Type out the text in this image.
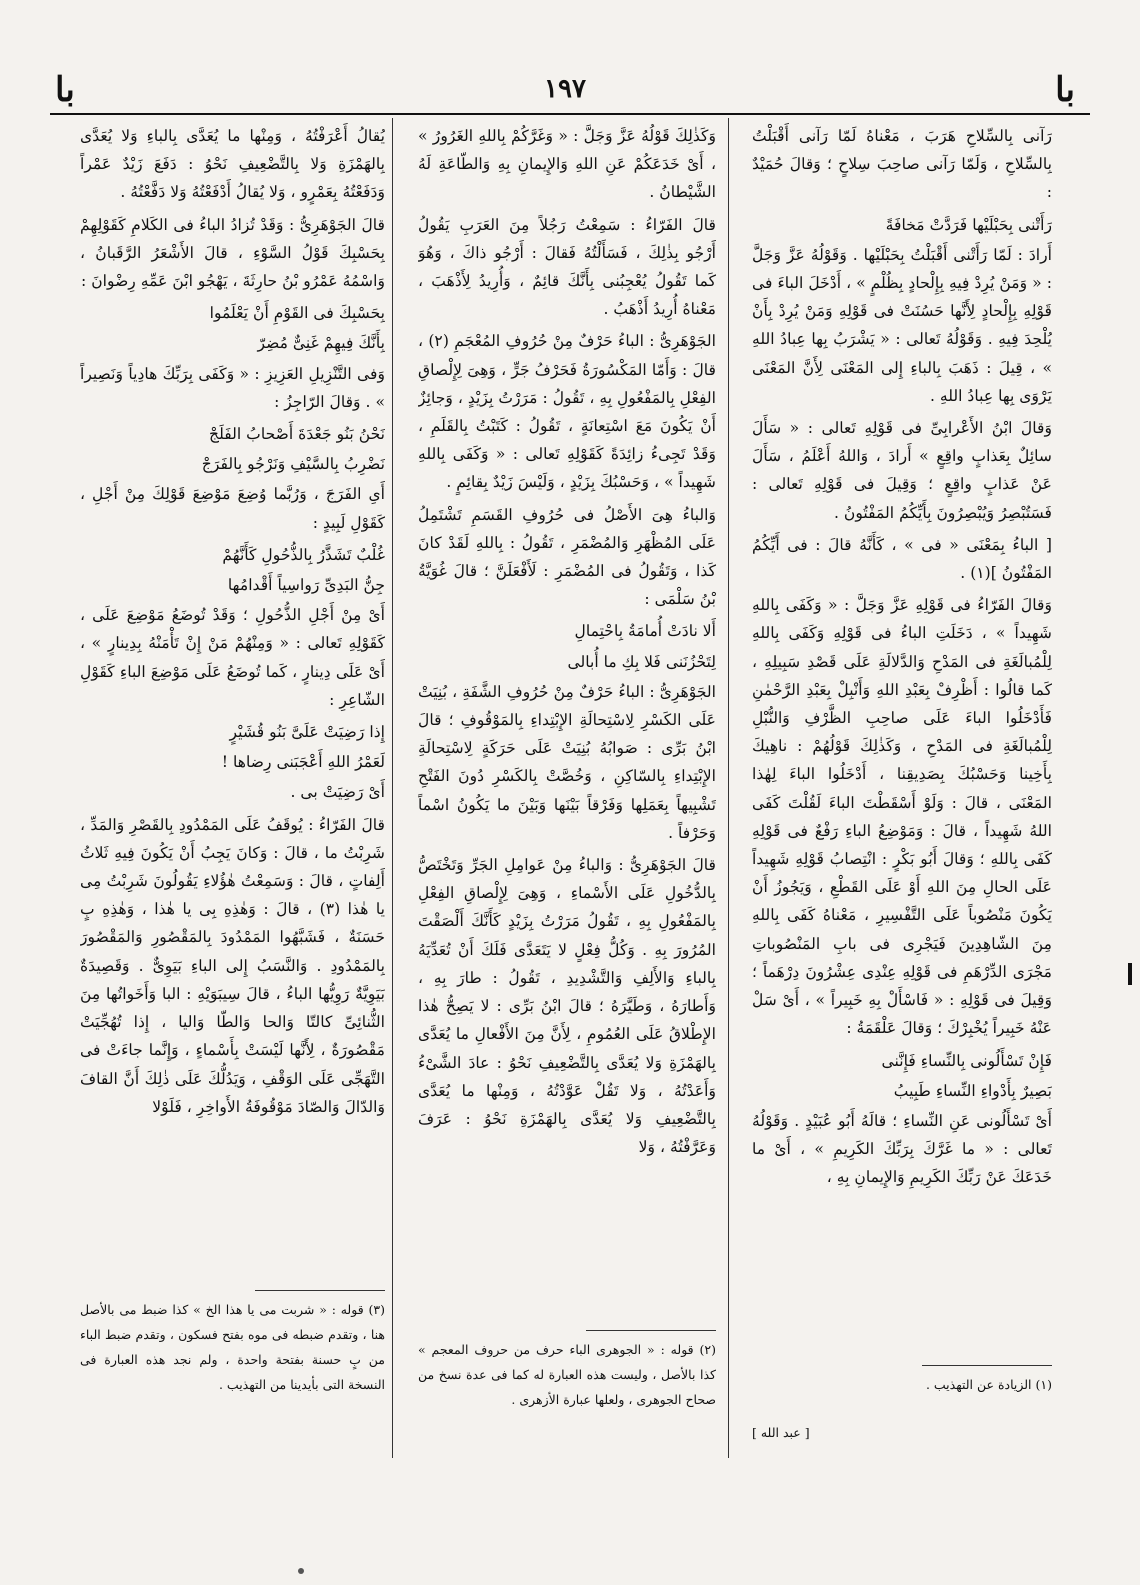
با
١٩٧
با

رَآنى بِالسِّلاحِ هَرَبَ ، مَعْناهُ لَمّا رَآنى أَقْبَلْتُ بِالسِّلاحِ ، وَلَمّا رَآنى صاحِبَ سِلاحٍ ؛ وَقالَ حُمَيْدٌ :

رَأَتْنى بِحَبْلَيْها فَرَدَّتْ مَخافَةً

أَرادَ : لَمّا رَأَتْنى أَقْبَلْتُ بِحَبْلَيْها . وَقَوْلُهُ عَزَّ وَجَلَّ : « وَمَنْ يُرِدْ فِيهِ بِإِلْحادٍ بِظُلْمٍ » ، أَدْخَلَ الباءَ فى قَوْلِهِ بِإِلْحادٍ لِأَنَّها حَسُنَتْ فى قَوْلِهِ وَمَنْ يُرِدْ بِأَنْ يُلْحِدَ فِيهِ . وَقَوْلُهُ تَعالى : « يَشْرَبُ بِها عِبادُ اللهِ » ، قِيلَ : ذَهَبَ بِالباءِ إِلى المَعْنَى لِأَنَّ المَعْنَى يَرْوَى بِها عِبادُ اللهِ .

وَقالَ ابْنُ الأَعْرابِىِّ فى قَوْلِهِ تَعالى : « سَأَلَ سائِلٌ بِعَذابٍ واقِعٍ » أَرادَ ، وَاللهُ أَعْلَمُ ، سَأَلَ عَنْ عَذابٍ واقِعٍ ؛ وَقِيلَ فى قَوْلِهِ تَعالى : فَسَتُبْصِرُ وَيُبْصِرُونَ بِأَيِّكُمُ المَفْتُونُ .

[ الباءُ بِمَعْنَى « فى » ، كَأَنَّهُ قالَ : فى أَيِّكُمُ المَفْتُونُ ](١) .

وَقالَ الفَرّاءُ فى قَوْلِهِ عَزَّ وَجَلَّ : « وَكَفَى بِاللهِ شَهِيداً » ، دَخَلَتِ الباءُ فى قَوْلِهِ وَكَفَى بِاللهِ لِلْمُبالَغَةِ فى المَدْحِ وَالدَّلالَةِ عَلَى قَصْدِ سَبِيلِهِ ، كَما قالُوا : أَظْرِفْ بِعَبْدِ اللهِ وَأَنْبِلْ بِعَبْدِ الرَّحْمٰنِ فَأَدْخَلُوا الباءَ عَلَى صاحِبِ الظَّرْفِ وَالنُّبْلِ لِلْمُبالَغَةِ فى المَدْحِ ، وَكَذٰلِكَ قَوْلُهُمْ : ناهِيكَ بِأَخِينا وَحَسْبُكَ بِصَدِيقِنا ، أَدْخَلُوا الباءَ لِهٰذا المَعْنَى ، قالَ : وَلَوْ أَسْقَطْتَ الباءَ لَقُلْتَ كَفَى اللهُ شَهِيداً ، قالَ : وَمَوْضِعُ الباءِ رَفْعٌ فى قَوْلِهِ كَفَى بِاللهِ ؛ وَقالَ أَبُو بَكْرٍ : انْتِصابُ قَوْلِهِ شَهِيداً عَلَى الحالِ مِنَ اللهِ أَوْ عَلَى القَطْعِ ، وَيَجُوزُ أَنْ يَكُونَ مَنْصُوباً عَلَى التَّفْسِيرِ ، مَعْناهُ كَفَى بِاللهِ مِنَ الشّاهِدِينَ فَيَجْرِى فى بابِ المَنْصُوباتِ مَجْرَى الدِّرْهَمِ فى قَوْلِهِ عِنْدِى عِشْرُونَ دِرْهَماً ؛ وَقِيلَ فى قَوْلِهِ : « فَاسْأَلْ بِهِ خَبِيراً » ، أَىْ سَلْ عَنْهُ خَبِيراً يُخْبِرْكَ ؛ وَقالَ عَلْقَمَةُ :

فَإِنْ تَسْأَلُونى بِالنِّساءِ فَإِنَّنى
بَصِيرٌ بِأَدْواءِ النِّساءِ طَبِيبُ

أَىْ تَسْأَلُونى عَنِ النِّساءِ ؛ قالَهُ أَبُو عُبَيْدٍ . وَقَوْلُهُ تَعالى : « ما غَرَّكَ بِرَبِّكَ الكَرِيمِ » ، أَىْ ما خَدَعَكَ عَنْ رَبِّكَ الكَرِيمِ وَالإِيمانِ بِهِ ،

وَكَذٰلِكَ قَوْلُهُ عَزَّ وَجَلَّ : « وَغَرَّكُمْ بِاللهِ الغَرُورُ » ، أَىْ خَدَعَكُمْ عَنِ اللهِ وَالإِيمانِ بِهِ وَالطّاعَةِ لَهُ الشَّيْطانُ .

قالَ الفَرّاءُ : سَمِعْتُ رَجُلاً مِنَ العَرَبِ يَقُولُ أَرْجُو بِذٰلِكَ ، فَسَأَلْتُهُ فَقالَ : أَرْجُو ذاكَ ، وَهُوَ كَما تَقُولُ يُعْجِبُنى بِأَنَّكَ قائِمٌ ، وَأُرِيدُ لِأَذْهَبَ ، مَعْناهُ أُرِيدُ أَذْهَبُ .

الجَوْهَرِىُّ : الباءُ حَرْفٌ مِنْ حُرُوفِ المُعْجَمِ (٢) ، قالَ : وَأَمّا المَكْسُورَةُ فَحَرْفُ جَرٍّ ، وَهِىَ لِإِلْصاقِ الفِعْلِ بِالمَفْعُولِ بِهِ ، تَقُولُ : مَرَرْتُ بِزَيْدٍ ، وَجائِزٌ أَنْ يَكُونَ مَعَ اسْتِعانَةٍ ، تَقُولُ : كَتَبْتُ بِالقَلَمِ ، وَقَدْ تَجِىءُ زائِدَةً كَقَوْلِهِ تَعالى : « وَكَفَى بِاللهِ شَهِيداً » ، وَحَسْبُكَ بِزَيْدٍ ، وَلَيْسَ زَيْدٌ بِقائِمٍ .

وَالباءُ هِىَ الأَصْلُ فى حُرُوفِ القَسَمِ تَشْتَمِلُ عَلَى المُظْهَرِ وَالمُضْمَرِ ، تَقُولُ : بِاللهِ لَقَدْ كانَ كَذا ، وَتَقُولُ فى المُضْمَرِ : لَأَفْعَلَنَّ ؛ قالَ غُوَيَّةُ بْنُ سَلْمَى :

أَلا نادَتْ أُمامَةُ بِاحْتِمالِ
لِتَحْزُنَنى فَلا بِكِ ما أُبالى

الجَوْهَرِىُّ : الباءُ حَرْفٌ مِنْ حُرُوفِ الشَّفَةِ ، بُنِيَتْ عَلَى الكَسْرِ لِاسْتِحالَةِ الإِبْتِداءِ بِالمَوْقُوفِ ؛ قالَ ابْنُ بَرِّى : صَوابُهُ بُنِيَتْ عَلَى حَرَكَةٍ لِاسْتِحالَةِ الإِبْتِداءِ بِالسّاكِنِ ، وَخُصَّتْ بِالكَسْرِ دُونَ الفَتْحِ تَشْبِيهاً بِعَمَلِها وَفَرْقاً بَيْنَها وَبَيْنَ ما يَكُونُ اسْماً وَحَرْفاً .

قالَ الجَوْهَرِىُّ : وَالباءُ مِنْ عَوامِلِ الجَرِّ وَتَخْتَصُّ بِالدُّخُولِ عَلَى الأَسْماءِ ، وَهِىَ لِإِلْصاقِ الفِعْلِ بِالمَفْعُولِ بِهِ ، تَقُولُ مَرَرْتُ بِزَيْدٍ كَأَنَّكَ أَلْصَقْتَ المُرُورَ بِهِ . وَكُلُّ فِعْلٍ لا يَتَعَدَّى فَلَكَ أَنْ تُعَدِّيَهُ بِالباءِ وَالأَلِفِ وَالتَّشْدِيدِ ، تَقُولُ : طارَ بِهِ ، وَأَطارَهُ ، وَطَيَّرَهُ ؛ قالَ ابْنُ بَرِّى : لا يَصِحُّ هٰذا الإِطْلاقُ عَلَى العُمُومِ ، لِأَنَّ مِنَ الأَفْعالِ ما يُعَدَّى بِالهَمْزَةِ وَلا يُعَدَّى بِالتَّضْعِيفِ نَحْوُ : عادَ الشَّىْءُ وَأَعَدْتُهُ ، وَلا تَقُلْ عَوَّدْتُهُ ، وَمِنْها ما يُعَدَّى بِالتَّضْعِيفِ وَلا يُعَدَّى بِالهَمْزَةِ نَحْوُ : عَرَفَ وَعَرَّفْتُهُ ، وَلا

يُقالُ أَعْرَفْتُهُ ، وَمِنْها ما يُعَدَّى بِالباءِ وَلا يُعَدَّى بِالهَمْزَةِ وَلا بِالتَّضْعِيفِ نَحْوُ : دَفَعَ زَيْدٌ عَمْراً وَدَفَعْتُهُ بِعَمْرٍو ، وَلا يُقالُ أَدْفَعْتُهُ وَلا دَفَّعْتُهُ .

قالَ الجَوْهَرِىُّ : وَقَدْ تُزادُ الباءُ فى الكَلامِ كَقَوْلِهِمْ بِحَسْبِكَ قَوْلُ السَّوْءِ ، قالَ الأَشْعَرُ الرَّقَبانُ ، وَاسْمُهُ عَمْرُو بْنُ حارِثَةَ ، يَهْجُو ابْنَ عَمِّهِ رِضْوانَ :

بِحَسْبِكَ فى القَوْمِ أَنْ يَعْلَمُوا
بِأَنَّكَ فِيهِمْ غَنِىٌّ مُضِرّ

وَفى التَّنْزِيلِ العَزِيزِ : « وَكَفَى بِرَبِّكَ هادِياً وَنَصِيراً » . وَقالَ الرّاجِزُ :

نَحْنُ بَنُو جَعْدَةَ أَصْحابُ الفَلَجْ
نَضْرِبُ بِالسَّيْفِ وَنَرْجُو بِالفَرَجْ

أَىِ الفَرَجَ ، وَرُبَّما وُضِعَ مَوْضِعَ قَوْلِكَ مِنْ أَجْلِ ، كَقَوْلِ لَبِيدٍ :

غُلْبٌ تَشَذَّرُ بِالذُّحُولِ كَأَنَّهُمْ
جِنُّ البَدِىِّ رَواسِياً أَقْدامُها

أَىْ مِنْ أَجْلِ الذُّحُولِ ؛ وَقَدْ تُوضَعُ مَوْضِعَ عَلَى ، كَقَوْلِهِ تَعالى : « وَمِنْهُمْ مَنْ إِنْ تَأْمَنْهُ بِدِينارٍ » ، أَىْ عَلَى دِينارٍ ، كَما تُوضَعُ عَلَى مَوْضِعَ الباءِ كَقَوْلِ الشّاعِرِ :

إِذا رَضِيَتْ عَلَىَّ بَنُو قُشَيْرٍ
لَعَمْرُ اللهِ أَعْجَبَنى رِضاها !

أَىْ رَضِيَتْ بى .

قالَ الفَرّاءُ : يُوقَفُ عَلَى المَمْدُودِ بِالقَصْرِ وَالمَدِّ ، شَرِبْتُ ما ، قالَ : وَكانَ يَجِبُ أَنْ يَكُونَ فِيهِ ثَلاثُ أَلِفاتٍ ، قالَ : وَسَمِعْتُ هٰؤُلاءِ يَقُولُونَ شَرِبْتُ مِى يا هٰذا (٣) ، قالَ : وَهٰذِهِ بِى يا هٰذا ، وَهٰذِهِ بٍ حَسَنَةٌ ، فَشَبَّهُوا المَمْدُودَ بِالمَقْصُورِ وَالمَقْصُورَ بِالمَمْدُودِ . وَالنَّسَبُ إِلى الباءِ بَيَوِىٌّ . وَقَصِيدَةٌ بَيَوِيَّةٌ رَوِيُّها الباءُ ، قالَ سِيبَوَيْهِ : البا وَأَخَواتُها مِنَ الثُّنائِىِّ كالتّا وَالحا وَالطّا وَاليا ، إِذا تُهُجِّيَتْ مَقْصُورَةٌ ، لِأَنَّها لَيْسَتْ بِأَسْماءٍ ، وَإِنَّما جاءَتْ فى التَّهَجِّى عَلَى الوَقْفِ ، وَيَدُلُّكَ عَلَى ذٰلِكَ أَنَّ القافَ وَالدّالَ وَالصّادَ مَوْقُوفَةُ الأَواخِرِ ، فَلَوْلا

(١) الزيادة عن التهذيب .
[ عبد الله ]
(٢) قوله : « الجوهرى الباء حرف من حروف المعجم » كذا بالأصل ، وليست هذه العبارة له كما فى عدة نسخ من صحاح الجوهرى ، ولعلها عبارة الأزهرى .
(٣) قوله : « شربت مى يا هذا الخ » كذا ضبط مى بالأصل هنا ، وتقدم ضبطه فى موه بفتح فسكون ، وتقدم ضبط الباء من بٍ حسنة بفتحة واحدة ، ولم نجد هذه العبارة فى النسخة التى بأيدينا من التهذيب .
